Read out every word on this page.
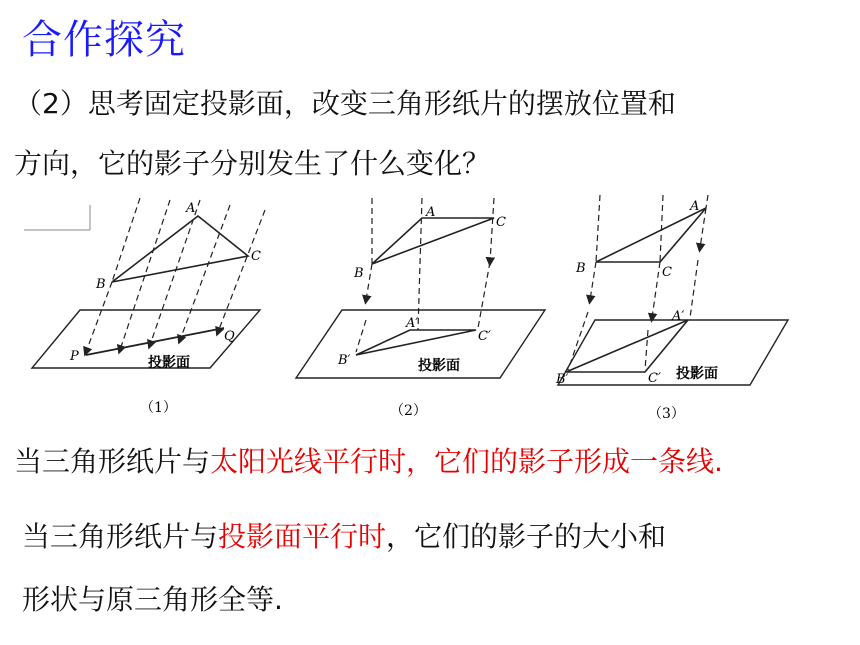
合作探究
（2）思考固定投影面，改变三角形纸片的摆放位置和
方向，它的影子分别发生了什么变化？
A
B
C
P
Q
投影面
（1）
A
B
C
A′
B′
C′
投影面
（2）
A
B	C
A′
B′	C′ 投影面
（3）
当三角形纸片与太阳光线平行时，它们的影子形成一条线.
当三角形纸片与投影面平行时，它们的影子的大小和
形状与原三角形全等.
